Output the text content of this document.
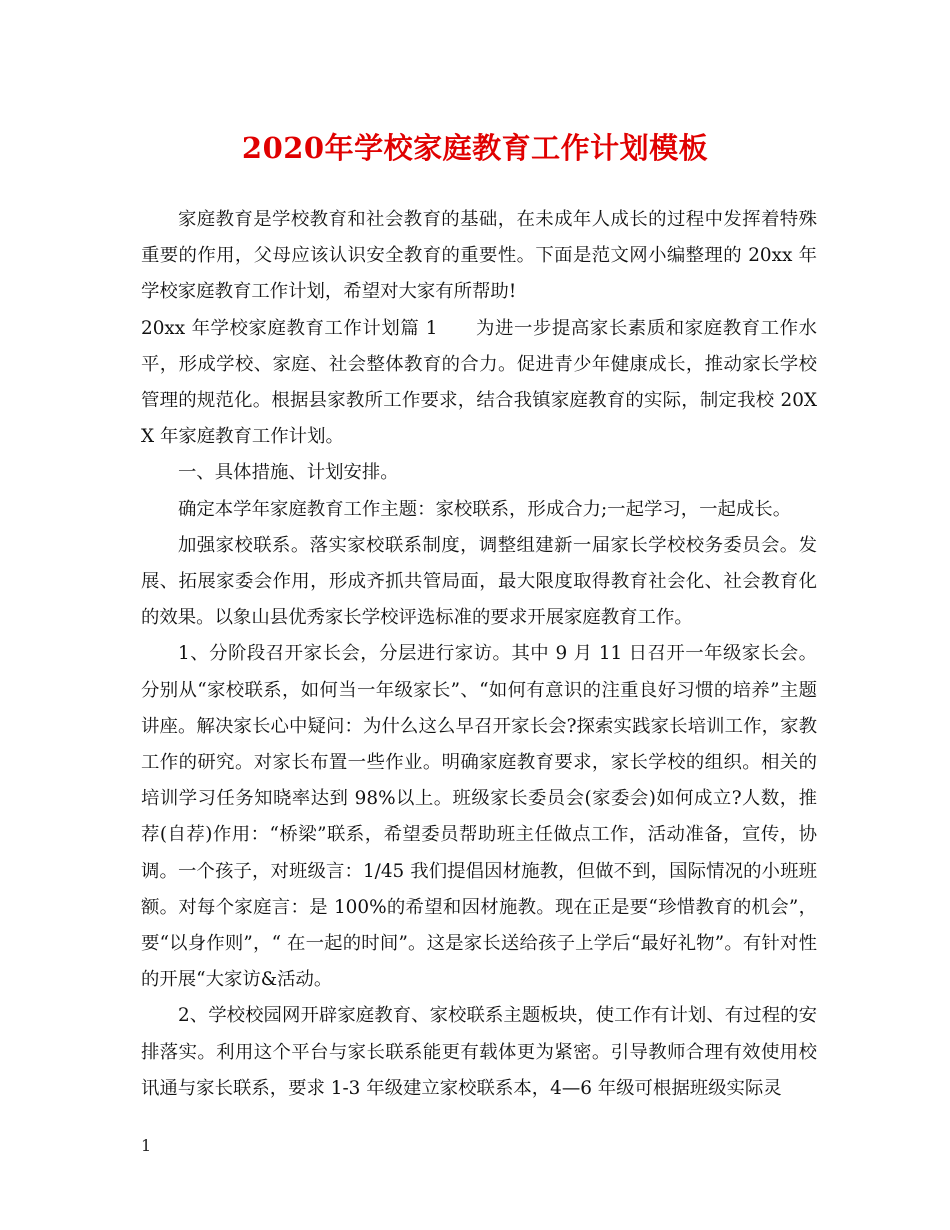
2020年学校家庭教育工作计划模板

家庭教育是学校教育和社会教育的基础，在未成年人成长的过程中发挥着特殊重要的作用，父母应该认识安全教育的重要性。下面是范文网小编整理的 20xx 年学校家庭教育工作计划，希望对大家有所帮助!

20xx 年学校家庭教育工作计划篇 1　　为进一步提高家长素质和家庭教育工作水平，形成学校、家庭、社会整体教育的合力。促进青少年健康成长，推动家长学校管理的规范化。根据县家教所工作要求，结合我镇家庭教育的实际，制定我校 20XX 年家庭教育工作计划。

一、具体措施、计划安排。

确定本学年家庭教育工作主题：家校联系，形成合力;一起学习，一起成长。

加强家校联系。落实家校联系制度，调整组建新一届家长学校校务委员会。发展、拓展家委会作用，形成齐抓共管局面，最大限度取得教育社会化、社会教育化的效果。以象山县优秀家长学校评选标准的要求开展家庭教育工作。

1、分阶段召开家长会，分层进行家访。其中 9 月 11 日召开一年级家长会。分别从“家校联系，如何当一年级家长”、“如何有意识的注重良好习惯的培养”主题讲座。解决家长心中疑问：为什么这么早召开家长会?探索实践家长培训工作，家教工作的研究。对家长布置一些作业。明确家庭教育要求，家长学校的组织。相关的培训学习任务知晓率达到 98%以上。班级家长委员会(家委会)如何成立?人数，推荐(自荐)作用：“桥梁”联系，希望委员帮助班主任做点工作，活动准备，宣传，协调。一个孩子，对班级言：1/45 我们提倡因材施教，但做不到，国际情况的小班班额。对每个家庭言：是 100%的希望和因材施教。现在正是要“珍惜教育的机会”，要“以身作则”，“ 在一起的时间”。这是家长送给孩子上学后“最好礼物”。有针对性的开展“大家访&活动。

2、学校校园网开辟家庭教育、家校联系主题板块，使工作有计划、有过程的安排落实。利用这个平台与家长联系能更有载体更为紧密。引导教师合理有效使用校讯通与家长联系，要求 1-3 年级建立家校联系本，4—6 年级可根据班级实际灵

1
